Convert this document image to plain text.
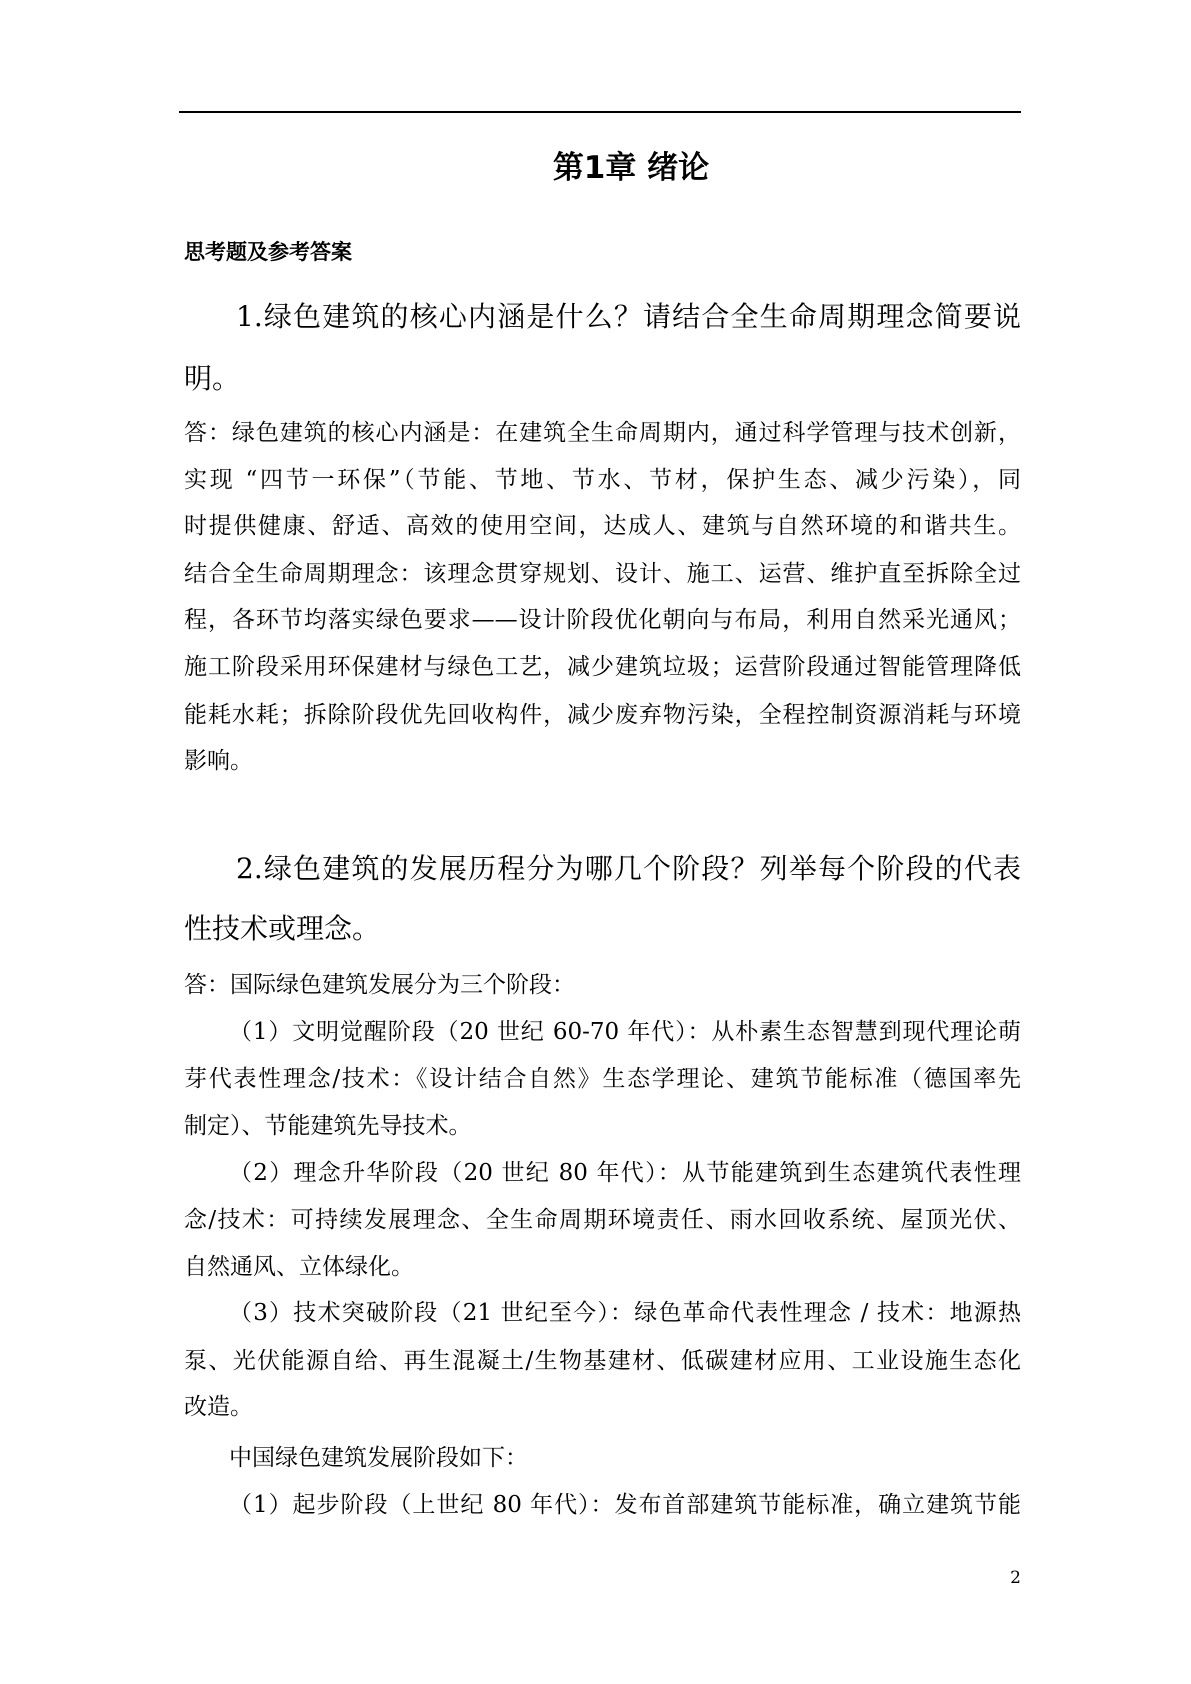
第1章 绪论
思考题及参考答案
1.绿色建筑的核心内涵是什么？请结合全生命周期理念简要说
明。
答：绿色建筑的核心内涵是：在建筑全生命周期内，通过科学管理与技术创新，
实现 “四节一环保”（节能、节地、节水、节材，保护生态、减少污染），同
时提供健康、舒适、高效的使用空间，达成人、建筑与自然环境的和谐共生。
结合全生命周期理念：该理念贯穿规划、设计、施工、运营、维护直至拆除全过
程，各环节均落实绿色要求——设计阶段优化朝向与布局，利用自然采光通风；
施工阶段采用环保建材与绿色工艺，减少建筑垃圾；运营阶段通过智能管理降低
能耗水耗；拆除阶段优先回收构件，减少废弃物污染，全程控制资源消耗与环境
影响。
2.绿色建筑的发展历程分为哪几个阶段？列举每个阶段的代表
性技术或理念。
答：国际绿色建筑发展分为三个阶段：
（1）文明觉醒阶段（20 世纪 60-70 年代）：从朴素生态智慧到现代理论萌
芽代表性理念/技术：《设计结合自然》生态学理论、建筑节能标准（德国率先
制定）、节能建筑先导技术。
（2）理念升华阶段（20 世纪 80 年代）：从节能建筑到生态建筑代表性理
念/技术：可持续发展理念、全生命周期环境责任、雨水回收系统、屋顶光伏、
自然通风、立体绿化。
（3）技术突破阶段（21 世纪至今）：绿色革命代表性理念 / 技术：地源热
泵、光伏能源自给、再生混凝土/生物基建材、低碳建材应用、工业设施生态化
改造。
中国绿色建筑发展阶段如下：
（1）起步阶段（上世纪 80 年代）：发布首部建筑节能标准，确立建筑节能
2
